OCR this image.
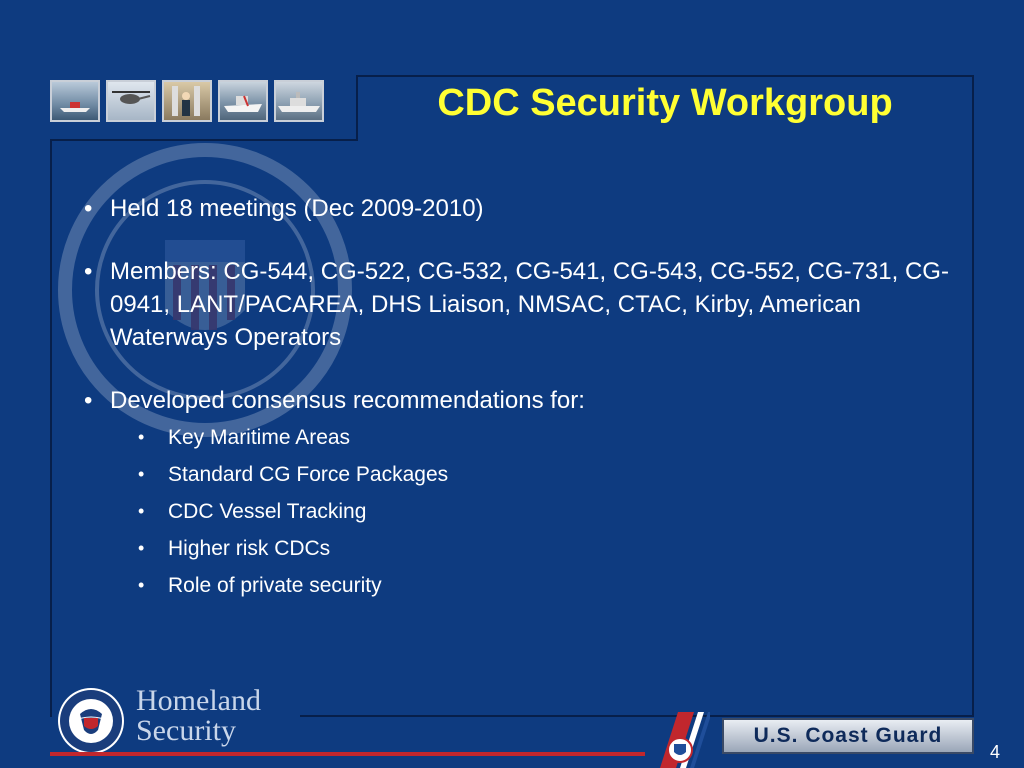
CDC Security Workgroup
• Held 18 meetings (Dec 2009-2010)
• Members: CG-544, CG-522, CG-532, CG-541, CG-543, CG-552, CG-731, CG-0941, LANT/PACAREA, DHS Liaison, NMSAC, CTAC, Kirby, American Waterways Operators
• Developed consensus recommendations for:
• Key Maritime Areas
• Standard CG Force Packages
• CDC Vessel Tracking
• Higher risk CDCs
• Role of private security
Homeland
Security	U.S. Coast Guard
4
